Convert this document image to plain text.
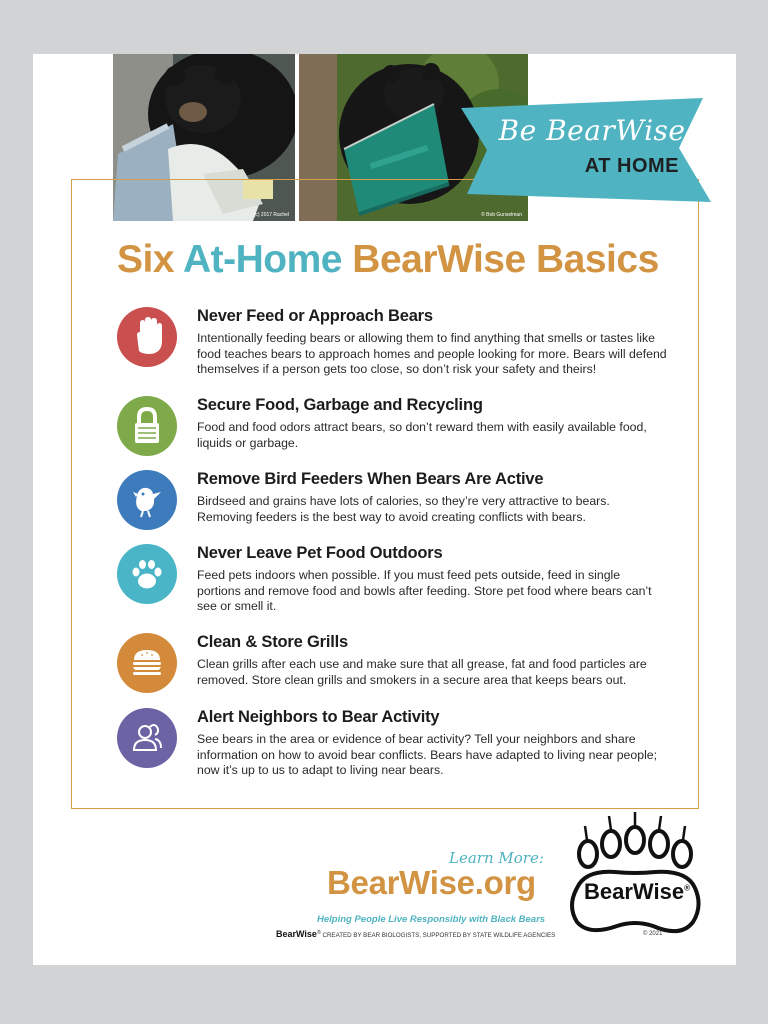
(c) 2017 Rachel	© Bob Gunselman
Be BearWise
AT HOME
Six At-Home BearWise Basics
Never Feed or Approach Bears
Intentionally feeding bears or allowing them to find anything that smells or tastes like food teaches bears to approach homes and people looking for more. Bears will defend themselves if a person gets too close, so don’t risk your safety and theirs!
Secure Food, Garbage and Recycling
Food and food odors attract bears, so don’t reward them with easily available food, liquids or garbage.
Remove Bird Feeders When Bears Are Active
Birdseed and grains have lots of calories, so they’re very attractive to bears. Removing feeders is the best way to avoid creating conflicts with bears.
Never Leave Pet Food Outdoors
Feed pets indoors when possible. If you must feed pets outside, feed in single portions and remove food and bowls after feeding. Store pet food where bears can’t see or smell it.
Clean & Store Grills
Clean grills after each use and make sure that all grease, fat and food particles are removed. Store clean grills and smokers in a secure area that keeps bears out.
Alert Neighbors to Bear Activity
See bears in the area or evidence of bear activity? Tell your neighbors and share information on how to avoid bear conflicts. Bears have adapted to living near people; now it’s up to us to adapt to living near bears.
Learn More:
BearWise.org
Helping People Live Responsibly with Black Bears
BearWise® CREATED BY BEAR BIOLOGISTS, SUPPORTED BY STATE WILDLIFE AGENCIES
BearWise®
© 2021
